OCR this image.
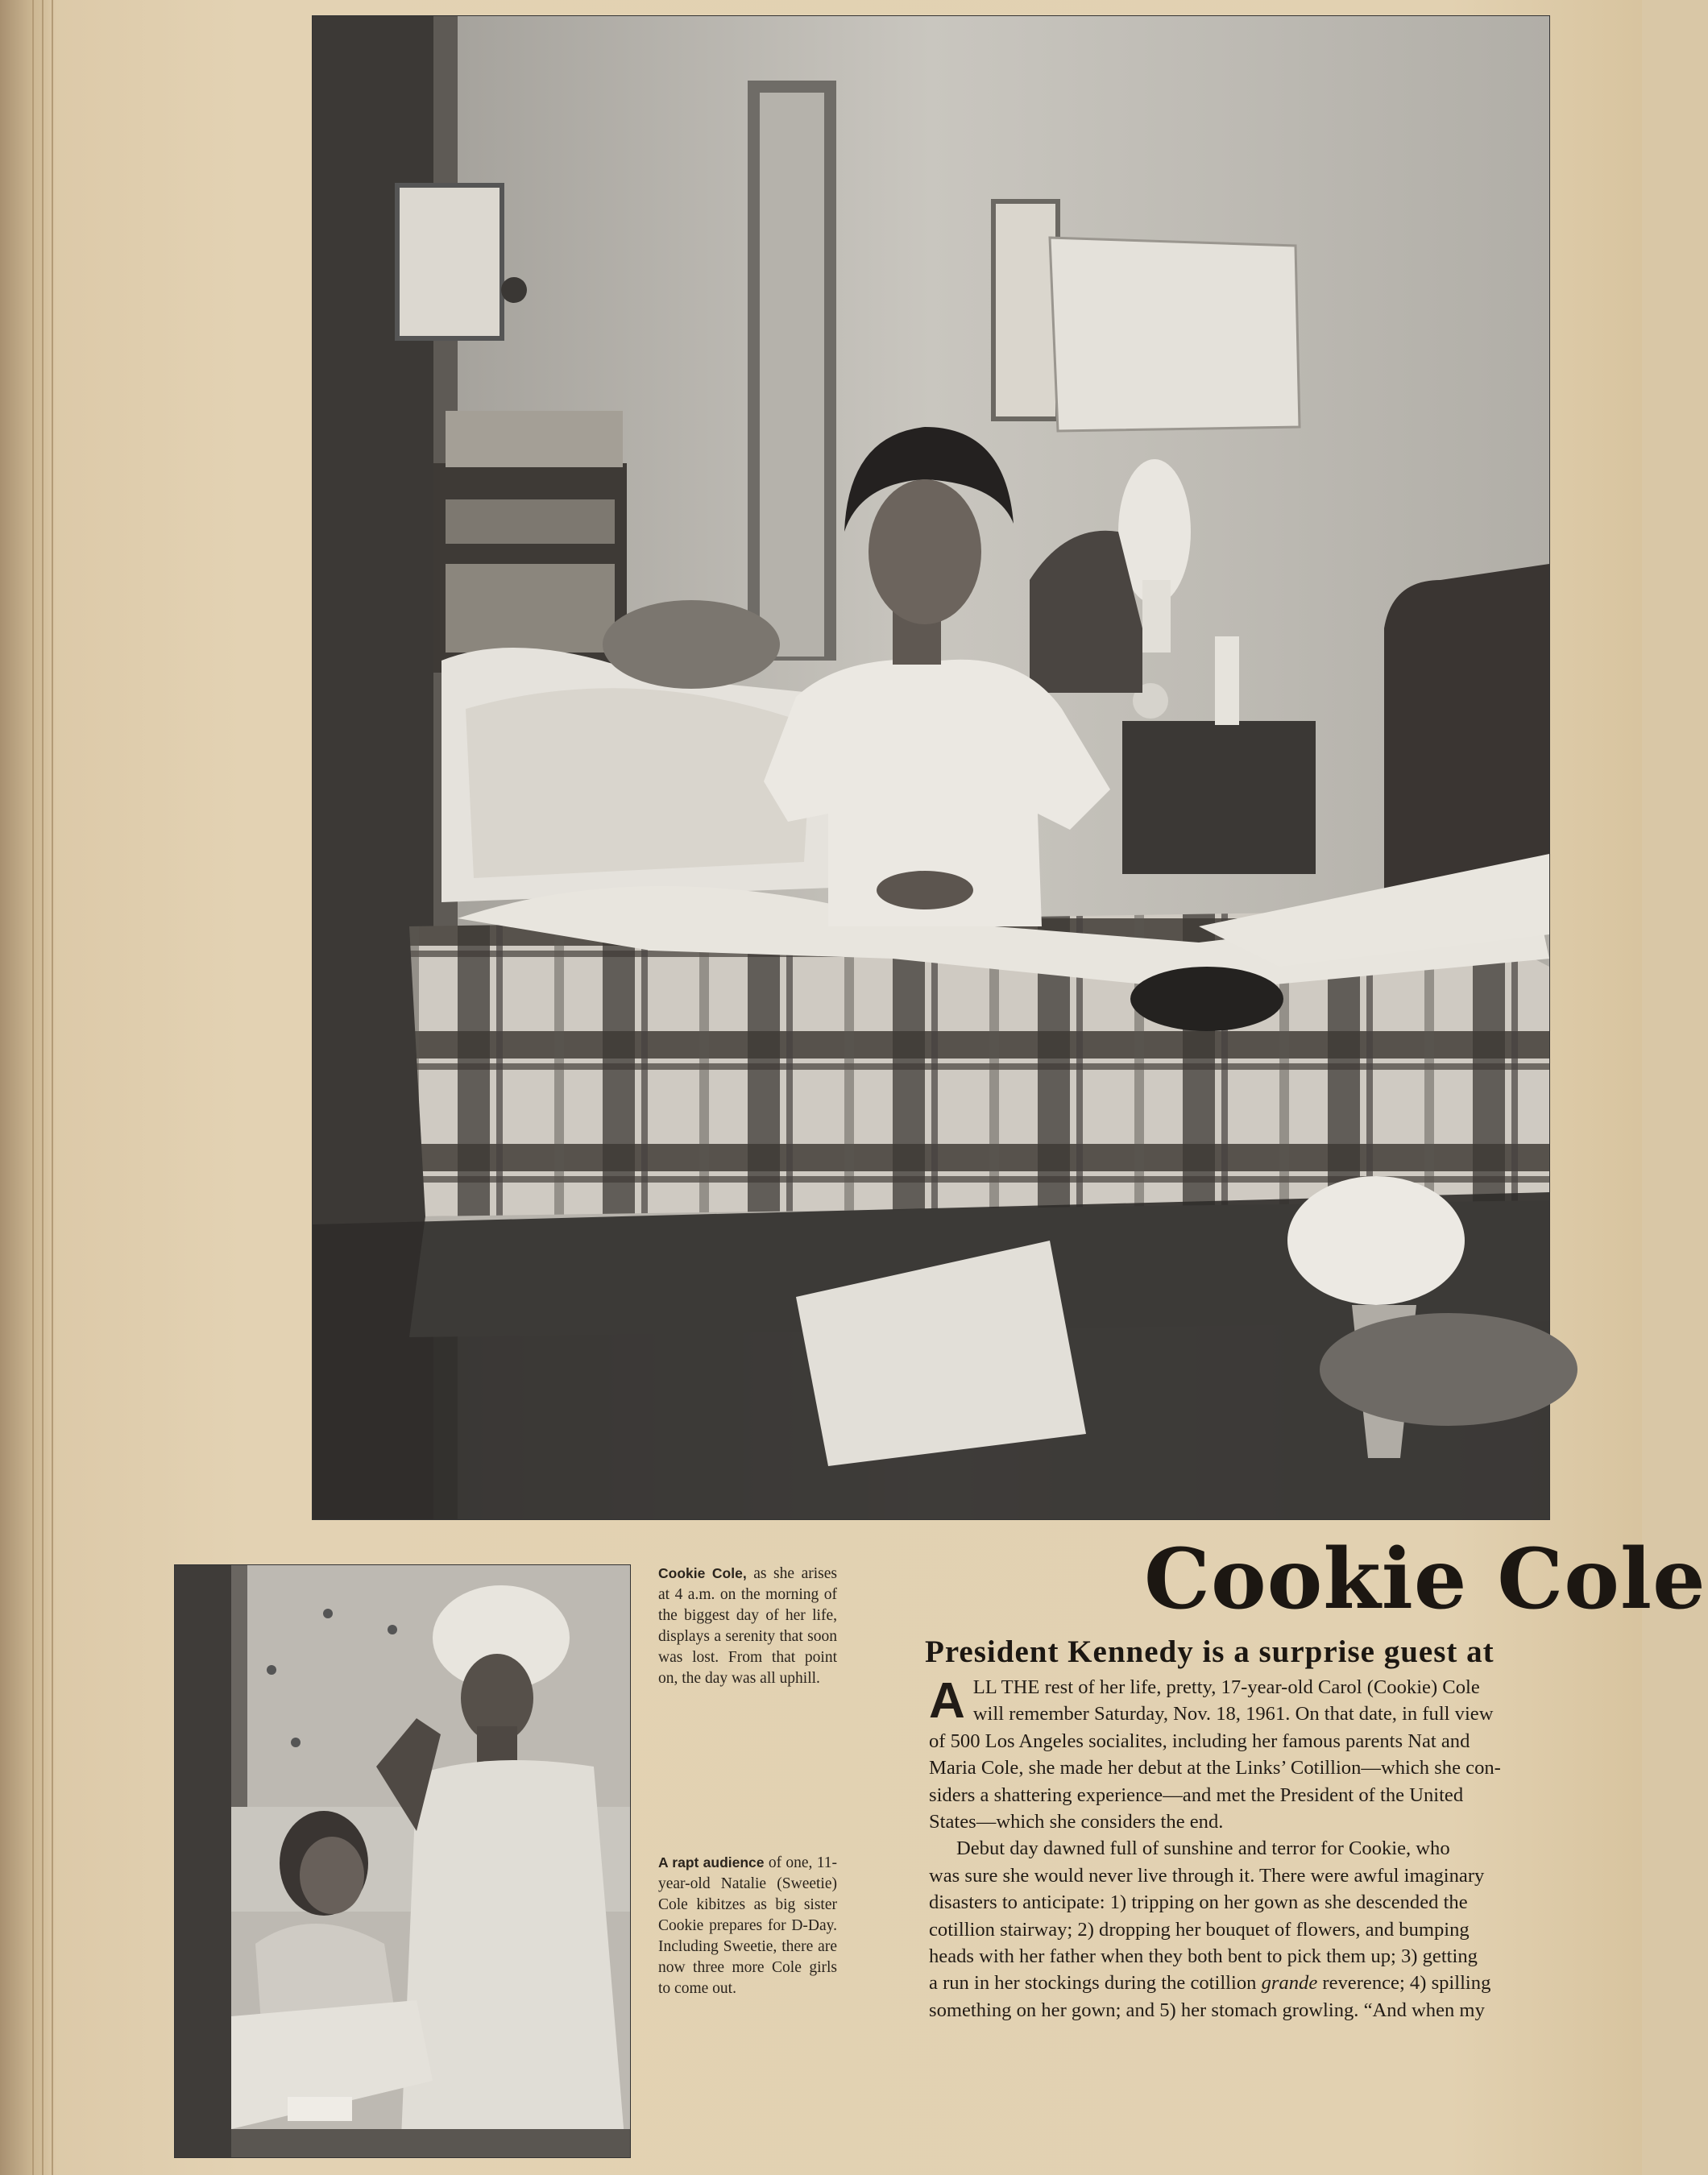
Cookie Cole, as she arises at 4 a.m. on the morning of the biggest day of her life, displays a serenity that soon was lost. From that point on, the day was all uphill.
A rapt audience of one, 11-year-old Natalie (Sweetie) Cole kibitzes as big sister Cookie prepares for D-Day. Including Sweetie, there are now three more Cole girls to come out.
Cookie Cole
President Kennedy is a surprise guest at
A LL THE rest of her life, pretty, 17-year-old Carol (Cookie) Cole

will remember Saturday, Nov. 18, 1961. On that date, in full view

of 500 Los Angeles socialites, including her famous parents Nat and

Maria Cole, she made her debut at the Links’ Cotillion—which she con-

siders a shattering experience—and met the President of the United

States—which she considers the end.

Debut day dawned full of sunshine and terror for Cookie, who

was sure she would never live through it. There were awful imaginary

disasters to anticipate: 1) tripping on her gown as she descended the

cotillion stairway; 2) dropping her bouquet of flowers, and bumping

heads with her father when they both bent to pick them up; 3) getting

a run in her stockings during the cotillion grande reverence; 4) spilling

something on her gown; and 5) her stomach growling. “And when my
